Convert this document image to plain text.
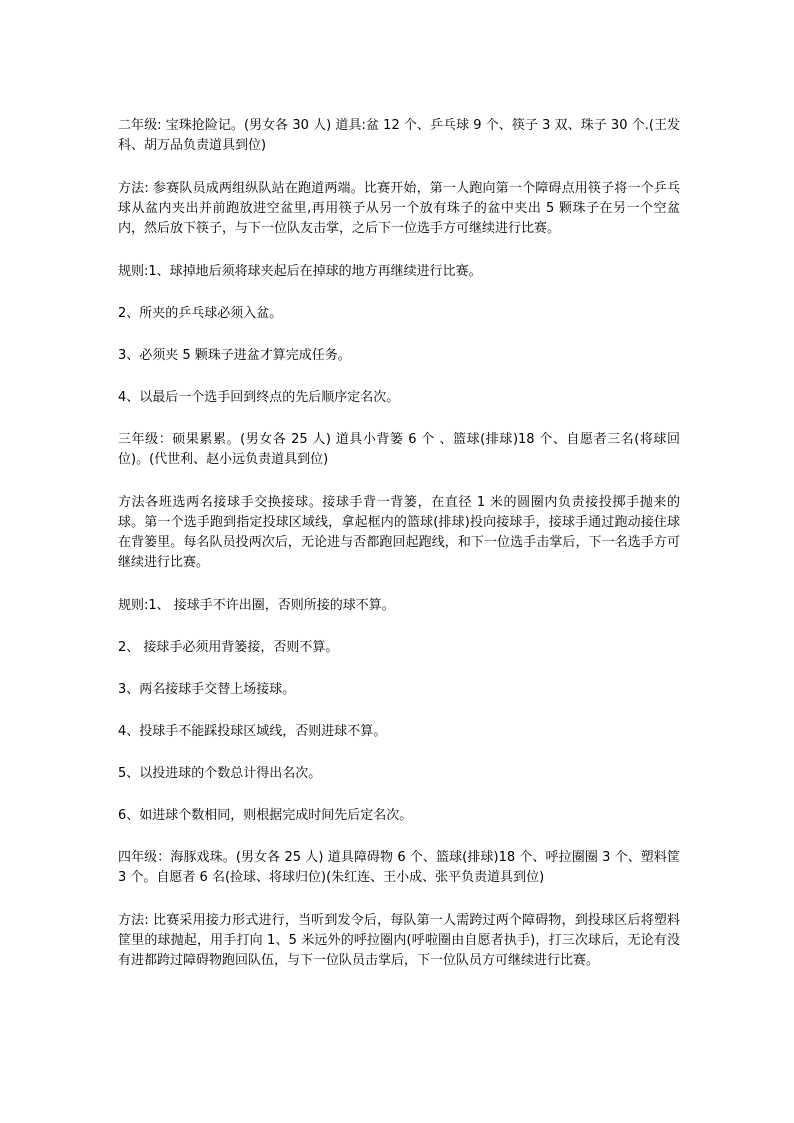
二年级: 宝珠抢险记。(男女各 30 人) 道具:盆 12 个、乒乓球 9 个、筷子 3 双、珠子 30 个.(王发科、胡万品负责道具到位)

方法: 参赛队员成两组纵队站在跑道两端。比赛开始，第一人跑向第一个障碍点用筷子将一个乒乓球从盆内夹出并前跑放进空盆里,再用筷子从另一个放有珠子的盆中夹出 5 颗珠子在另一个空盆内，然后放下筷子，与下一位队友击掌，之后下一位选手方可继续进行比赛。

规则:1、球掉地后须将球夹起后在掉球的地方再继续进行比赛。

2、所夹的乒乓球必须入盆。

3、必须夹 5 颗珠子进盆才算完成任务。

4、以最后一个选手回到终点的先后顺序定名次。

三年级：硕果累累。(男女各 25 人) 道具小背篓 6 个 、篮球(排球)18 个、自愿者三名(将球回位)。(代世利、赵小远负责道具到位)

方法各班选两名接球手交换接球。接球手背一背篓，在直径 1 米的圆圈内负责接投掷手抛来的球。第一个选手跑到指定投球区域线，拿起框内的篮球(排球)投向接球手，接球手通过跑动接住球在背篓里。每名队员投两次后，无论进与否都跑回起跑线，和下一位选手击掌后，下一名选手方可继续进行比赛。

规则:1、 接球手不许出圈，否则所接的球不算。

2、 接球手必须用背篓接，否则不算。

3、两名接球手交替上场接球。

4、投球手不能踩投球区域线，否则进球不算。

5、以投进球的个数总计得出名次。

6、如进球个数相同，则根据完成时间先后定名次。

四年级：海豚戏珠。(男女各 25 人) 道具障碍物 6 个、篮球(排球)18 个、呼拉圈圈 3 个、塑料筐 3 个。自愿者 6 名(捡球、将球归位)(朱红连、王小成、张平负责道具到位)

方法: 比赛采用接力形式进行，当听到发令后，每队第一人需跨过两个障碍物，到投球区后将塑料筐里的球抛起，用手打向 1、5 米远外的呼拉圈内(呼啦圈由自愿者执手)，打三次球后，无论有没有进都跨过障碍物跑回队伍，与下一位队员击掌后，下一位队员方可继续进行比赛。
